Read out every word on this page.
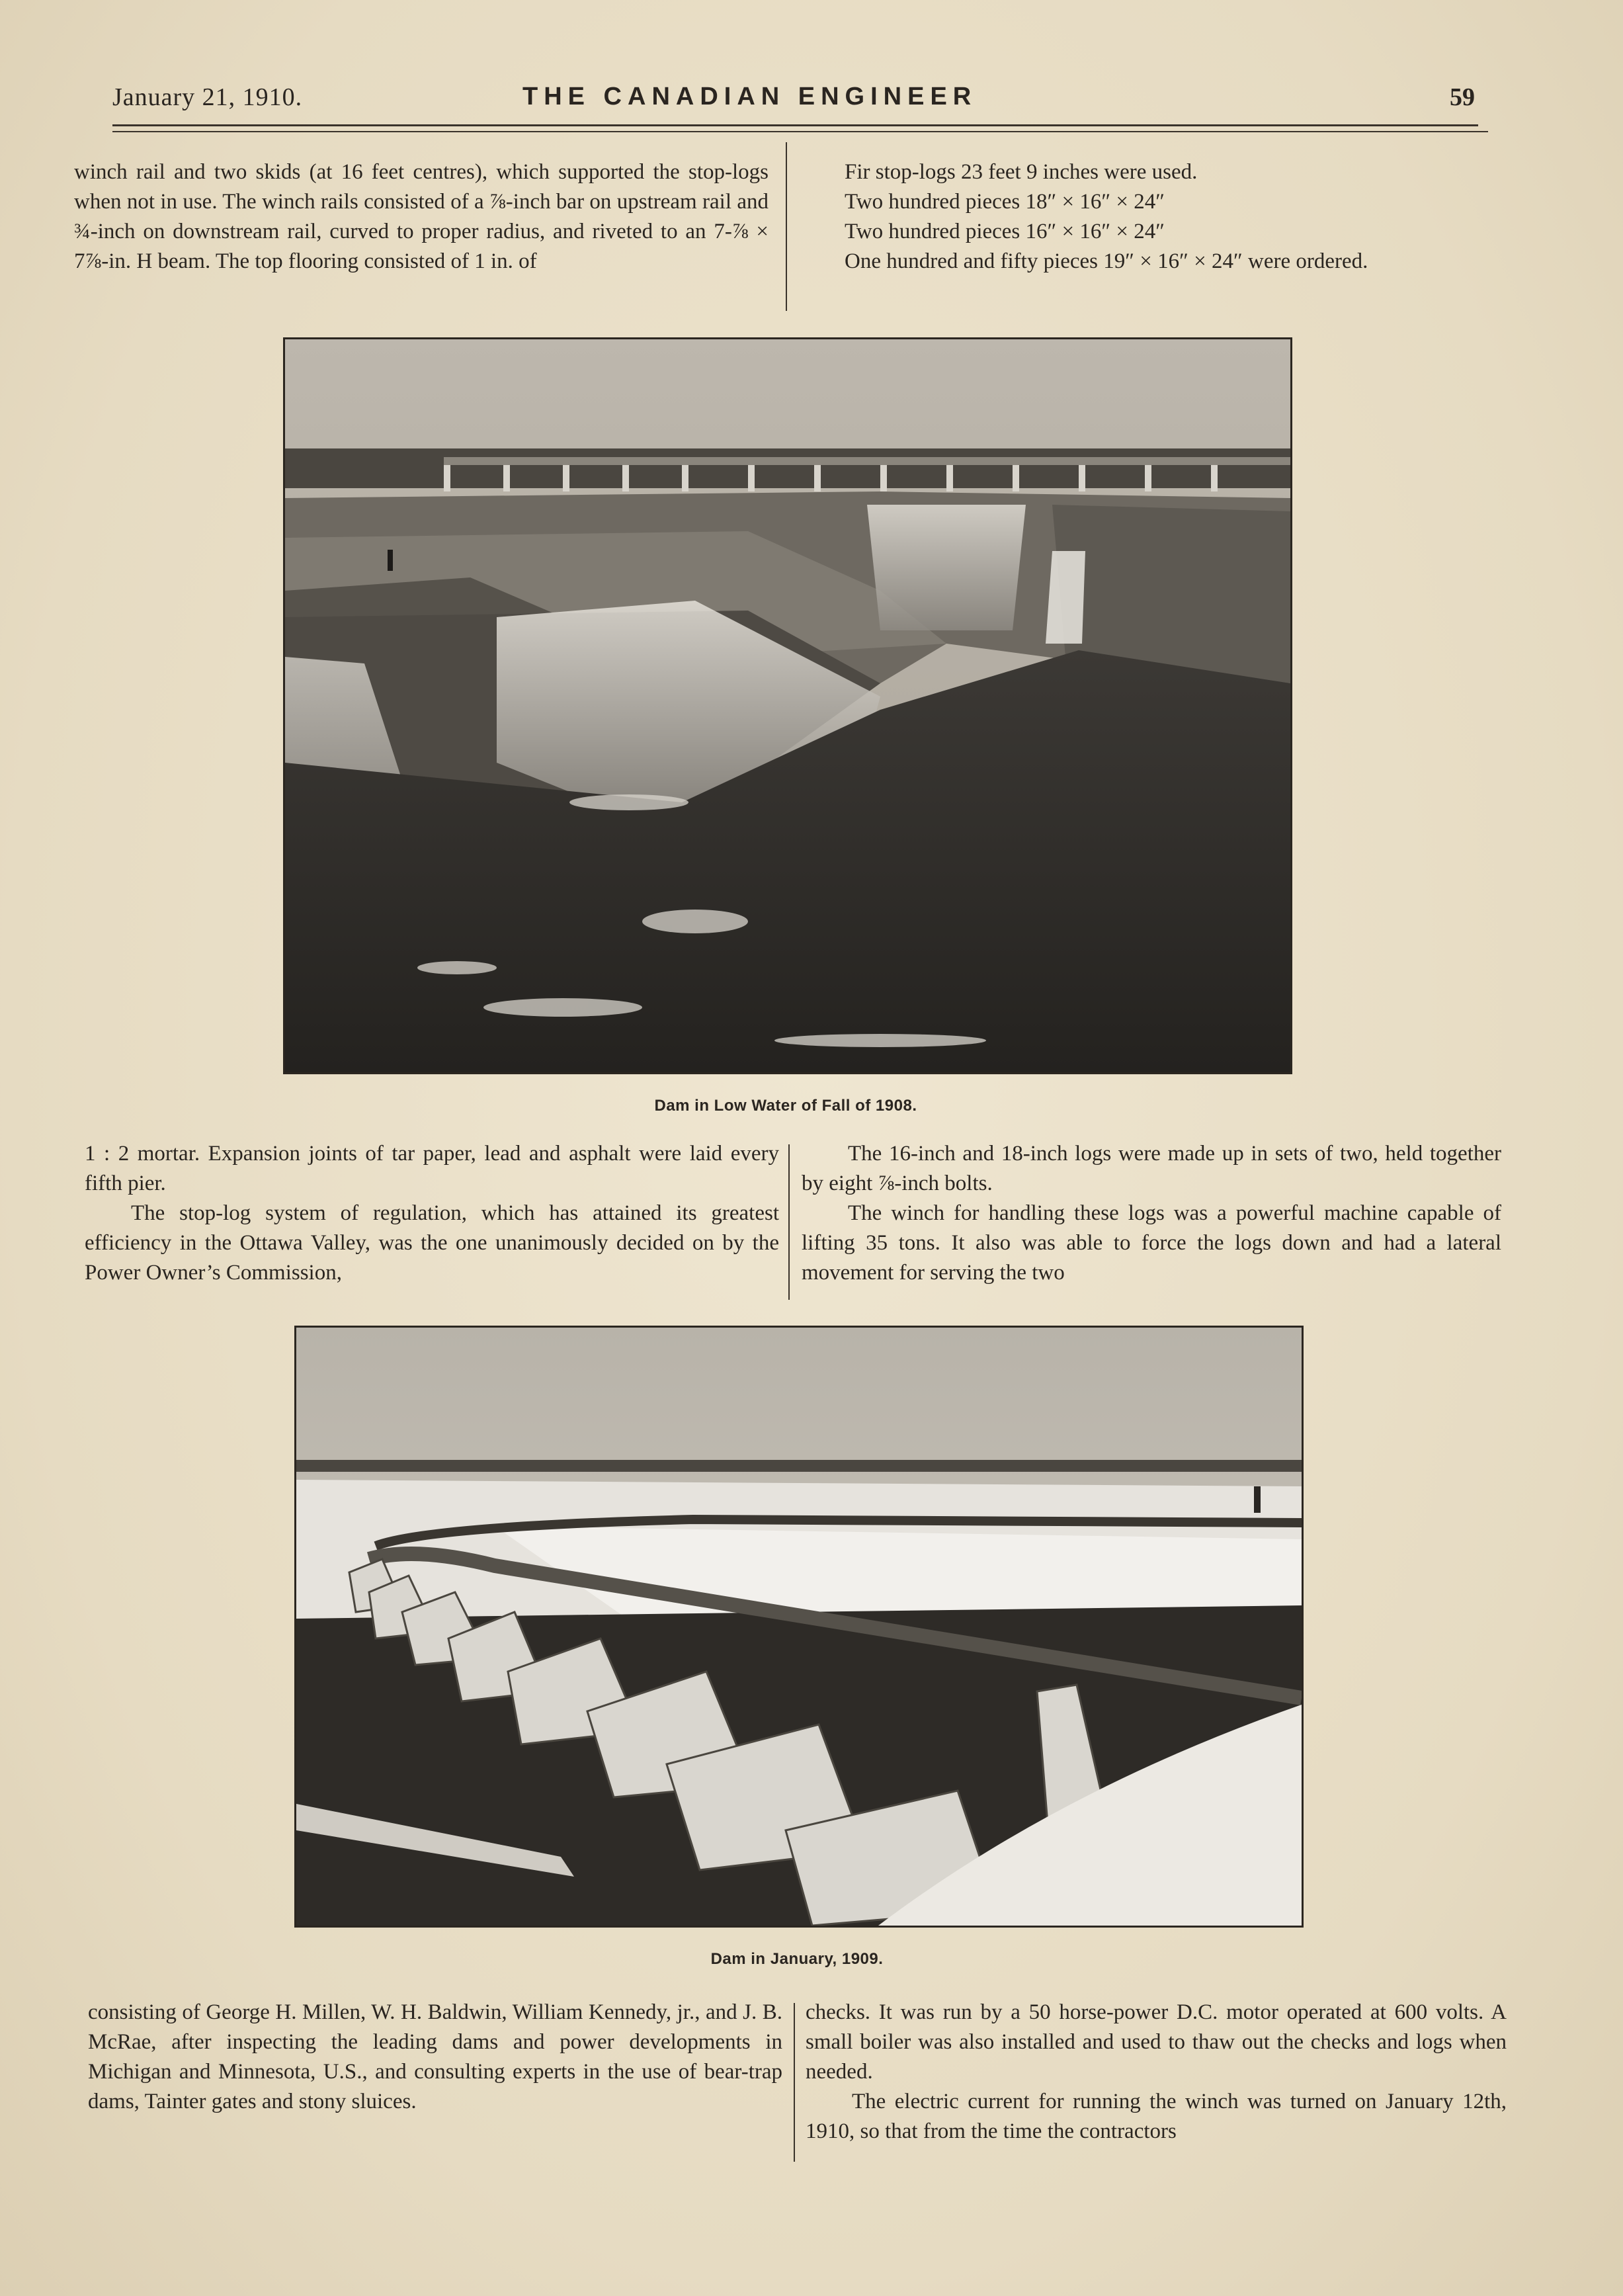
January 21, 1910.	THE CANADIAN ENGINEER	59

winch rail and two skids (at 16 feet centres), which supported the stop-logs when not in use. The winch rails consisted of a ⅞-inch bar on upstream rail and ¾-inch on downstream rail, curved to proper radius, and riveted to an 7-⅞ × 7⅞-in. H beam. The top flooring consisted of 1 in. of

Fir stop-logs 23 feet 9 inches were used.
Two hundred pieces 18″ × 16″ × 24″
Two hundred pieces 16″ × 16″ × 24″

One hundred and fifty pieces 19″ × 16″ × 24″ were ordered.

Dam in Low Water of Fall of 1908.

1 : 2 mortar. Expansion joints of tar paper, lead and asphalt were laid every fifth pier.

The stop-log system of regulation, which has attained its greatest efficiency in the Ottawa Valley, was the one unanimously decided on by the Power Owner’s Commission,

The 16-inch and 18-inch logs were made up in sets of two, held together by eight ⅞-inch bolts.

The winch for handling these logs was a powerful machine capable of lifting 35 tons. It also was able to force the logs down and had a lateral movement for serving the two

Dam in January, 1909.

consisting of George H. Millen, W. H. Baldwin, William Kennedy, jr., and J. B. McRae, after inspecting the leading dams and power developments in Michigan and Minnesota, U.S., and consulting experts in the use of bear-trap dams, Tainter gates and stony sluices.

checks. It was run by a 50 horse-power D.C. motor operated at 600 volts. A small boiler was also installed and used to thaw out the checks and logs when needed.

The electric current for running the winch was turned on January 12th, 1910, so that from the time the contractors
